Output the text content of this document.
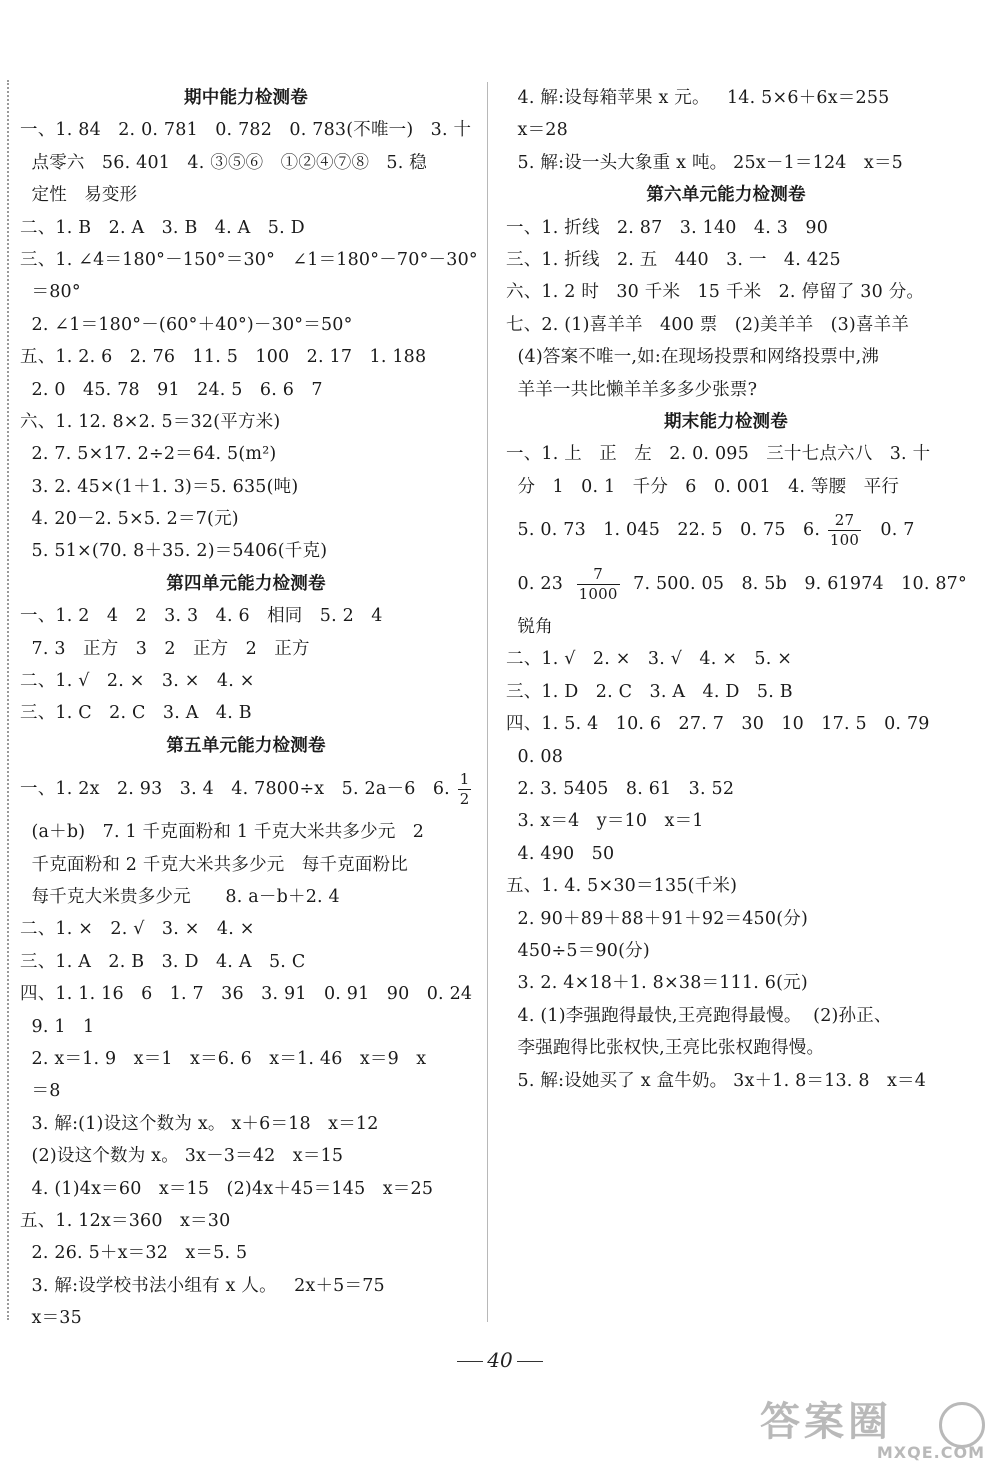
期中能力检测卷
一、1. 84   2. 0. 781   0. 782   0. 783(不唯一)   3. 十
点零六   56. 401   4. ③⑤⑥   ①②④⑦⑧   5. 稳
定性   易变形
二、1. B   2. A   3. B   4. A   5. D
三、1. ∠4＝180°－150°＝30°   ∠1＝180°－70°－30°
＝80°
2. ∠1＝180°－(60°＋40°)－30°＝50°
五、1. 2. 6   2. 76   11. 5   100   2. 17   1. 188
2. 0   45. 78   91   24. 5   6. 6   7
六、1. 12. 8×2. 5＝32(平方米)
2. 7. 5×17. 2÷2＝64. 5(m²)
3. 2. 45×(1＋1. 3)＝5. 635(吨)
4. 20－2. 5×5. 2＝7(元)
5. 51×(70. 8＋35. 2)＝5406(千克)
第四单元能力检测卷
一、1. 2   4   2   3. 3   4. 6   相同   5. 2   4
7. 3   正方   3   2   正方   2   正方
二、1. √   2. ×   3. ×   4. ×
三、1. C   2. C   3. A   4. B
第五单元能力检测卷
一、1. 2x   2. 93   3. 4   4. 7800÷x   5. 2a－6   6. $\frac{1}{2}$
(a＋b)   7. 1 千克面粉和 1 千克大米共多少元   2
千克面粉和 2 千克大米共多少元   每千克面粉比
每千克大米贵多少元      8. a－b＋2. 4
二、1. ×   2. √   3. ×   4. ×
三、1. A   2. B   3. D   4. A   5. C
四、1. 1. 16   6   1. 7   36   3. 91   0. 91   90   0. 24
9. 1   1
2. x＝1. 9   x＝1   x＝6. 6   x＝1. 46   x＝9   x
＝8
3. 解:(1)设这个数为 x。 x＋6＝18   x＝12
(2)设这个数为 x。 3x－3＝42   x＝15
4. (1)4x＝60   x＝15   (2)4x＋45＝145   x＝25
五、1. 12x＝360   x＝30
2. 26. 5＋x＝32   x＝5. 5
3. 解:设学校书法小组有 x 人。   2x＋5＝75
x＝35
4. 解:设每箱苹果 x 元。   14. 5×6＋6x＝255
x＝28
5. 解:设一头大象重 x 吨。 25x－1＝124   x＝5
第六单元能力检测卷
一、1. 折线   2. 87   3. 140   4. 3   90
三、1. 折线   2. 五   440   3. 一   4. 425
六、1. 2 时   30 千米   15 千米   2. 停留了 30 分。
七、2. (1)喜羊羊   400 票   (2)美羊羊   (3)喜羊羊
(4)答案不唯一,如:在现场投票和网络投票中,沸
羊羊一共比懒羊羊多多少张票?
期末能力检测卷
一、1. 上   正   左   2. 0. 095   三十七点六八   3. 十
分   1   0. 1   千分   6   0. 001   4. 等腰   平行
5. 0. 73   1. 045   22. 5   0. 75   6. $\frac{27}{100} 0$. 7
0. $23 \frac{7}{1000} 7$. 500. 05   8. 5b   9. 61974   10. 87°
锐角
二、1. √   2. ×   3. √   4. ×   5. ×
三、1. D   2. C   3. A   4. D   5. B
四、1. 5. 4   10. 6   27. 7   30   10   17. 5   0. 79
0. 08
2. 3. 5405   8. 61   3. 52
3. x＝4   y＝10   x＝1
4. 490   50
五、1. 4. 5×30＝135(千米)
2. 90＋89＋88＋91＋92＝450(分)
450÷5＝90(分)
3. 2. 4×18＋1. 8×38＝111. 6(元)
4. (1)李强跑得最快,王亮跑得最慢。  (2)孙正、
李强跑得比张权快,王亮比张权跑得慢。
5. 解:设她买了 x 盒牛奶。 3x＋1. 8＝13. 8   x＝4
40
答案圈
MXQE.COM
